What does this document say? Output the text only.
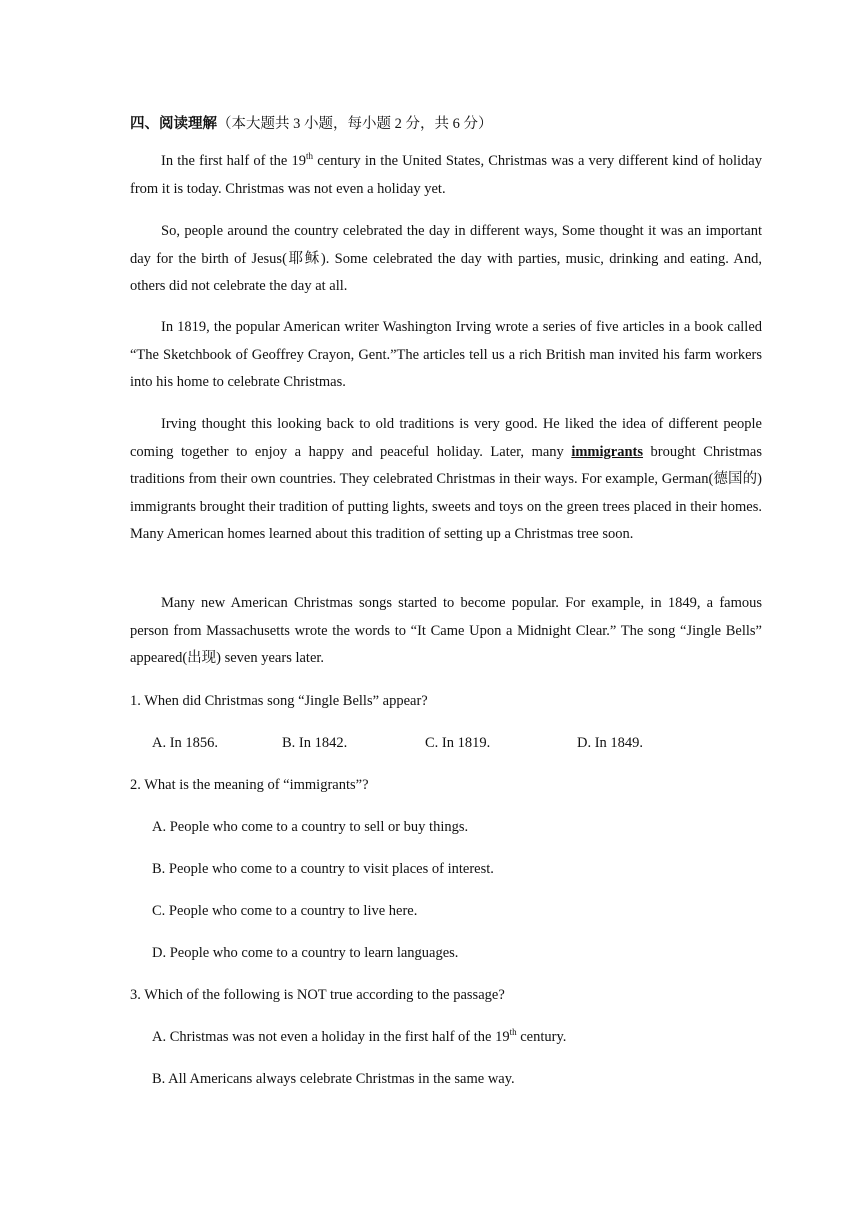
四、阅读理解（本大题共 3 小题，每小题 2 分，共 6 分）
In the first half of the 19th century in the United States, Christmas was a very different kind of holiday from it is today. Christmas was not even a holiday yet.
So, people around the country celebrated the day in different ways, Some thought it was an important day for the birth of Jesus(耶稣). Some celebrated the day with parties, music, drinking and eating. And, others did not celebrate the day at all.
In 1819, the popular American writer Washington Irving wrote a series of five articles in a book called “The Sketchbook of Geoffrey Crayon, Gent.”The articles tell us a rich British man invited his farm workers into his home to celebrate Christmas.
Irving thought this looking back to old traditions is very good. He liked the idea of different people coming together to enjoy a happy and peaceful holiday. Later, many immigrants brought Christmas traditions from their own countries. They celebrated Christmas in their ways. For example, German(德国的) immigrants brought their tradition of putting lights, sweets and toys on the green trees placed in their homes. Many American homes learned about this tradition of setting up a Christmas tree soon.
Many new American Christmas songs started to become popular. For example, in 1849, a famous person from Massachusetts wrote the words to “It Came Upon a Midnight Clear.” The song “Jingle Bells” appeared(出现) seven years later.
1. When did Christmas song “Jingle Bells” appear?
A. In 1856.	B. In 1842.	C. In 1819.	D. In 1849.
2. What is the meaning of “immigrants”?
A. People who come to a country to sell or buy things.
B. People who come to a country to visit places of interest.
C. People who come to a country to live here.
D. People who come to a country to learn languages.
3. Which of the following is NOT true according to the passage?
A. Christmas was not even a holiday in the first half of the 19th century.
B. All Americans always celebrate Christmas in the same way.
